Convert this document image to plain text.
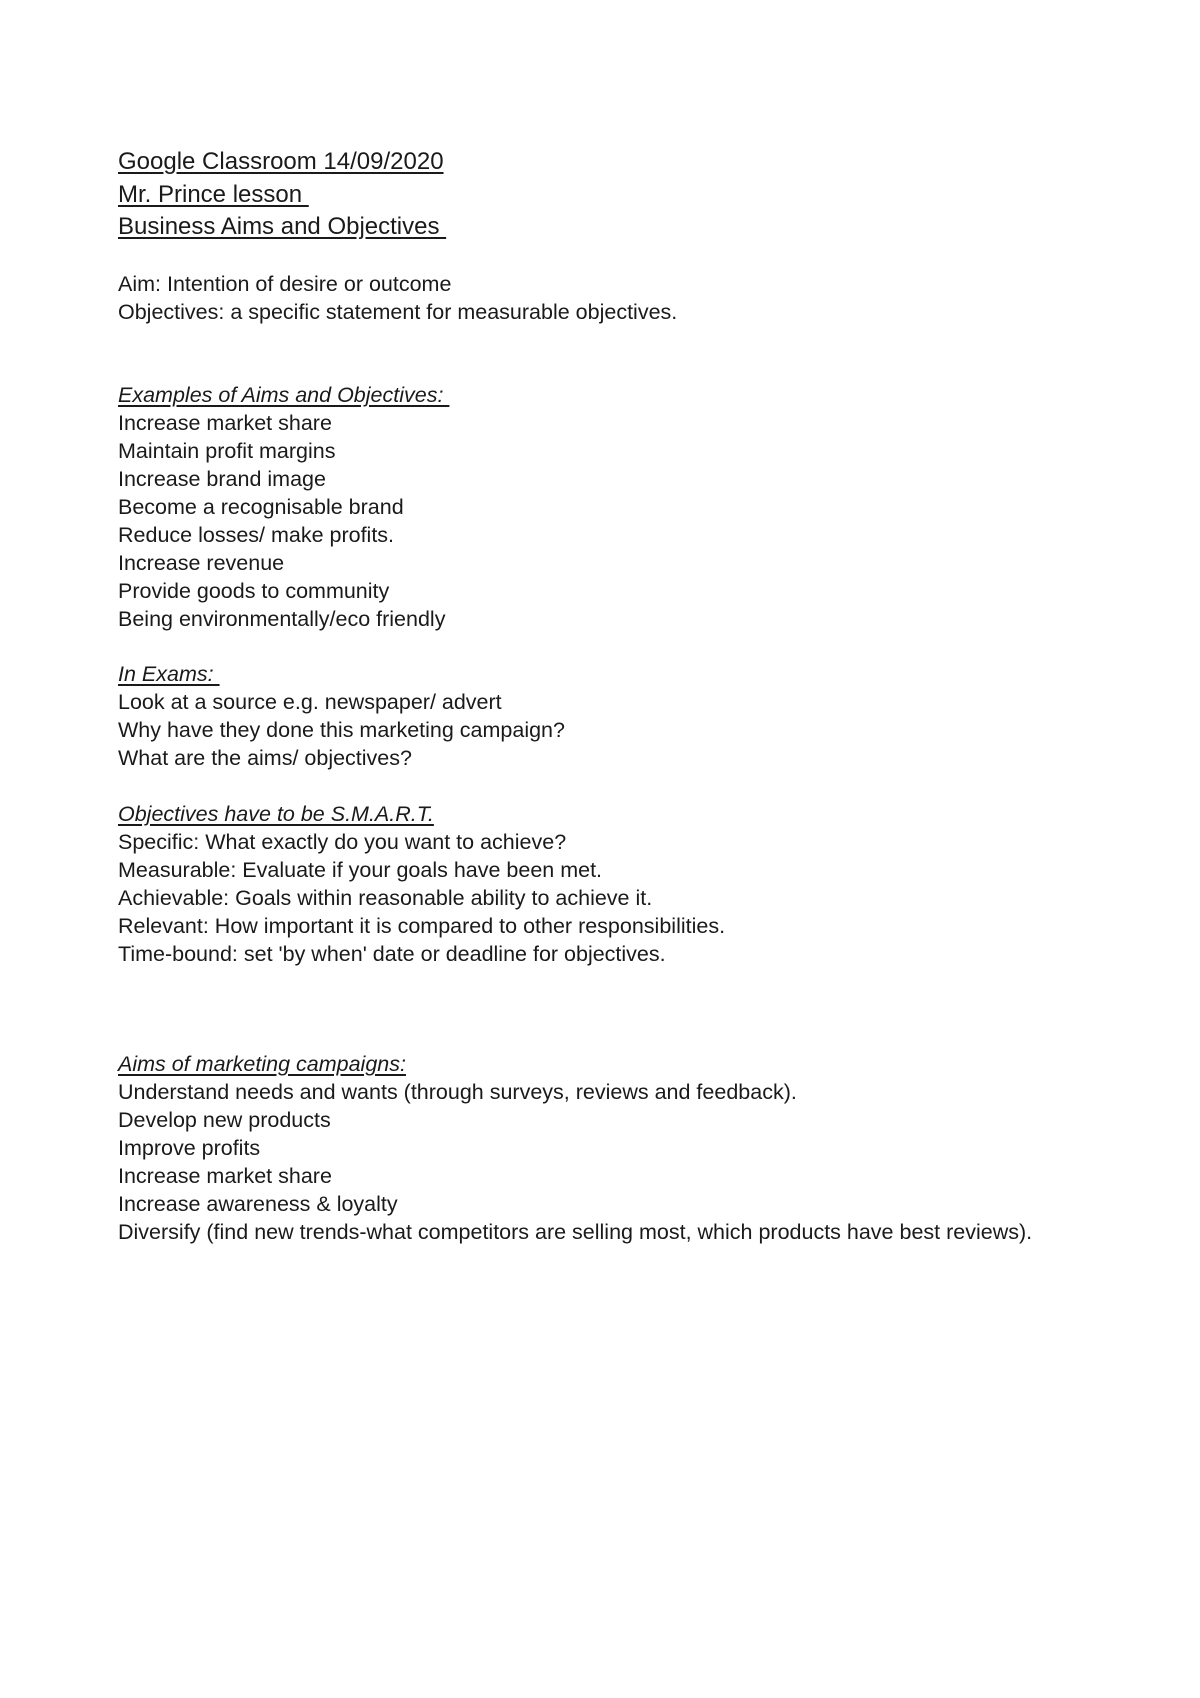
Google Classroom 14/09/2020
Mr. Prince lesson
Business Aims and Objectives
Aim: Intention of desire or outcome
Objectives: a specific statement for measurable objectives.
Examples of Aims and Objectives:
Increase market share
Maintain profit margins
Increase brand image
Become a recognisable brand
Reduce losses/ make profits.
Increase revenue
Provide goods to community
Being environmentally/eco friendly
In Exams:
Look at a source e.g. newspaper/ advert
Why have they done this marketing campaign?
What are the aims/ objectives?
Objectives have to be S.M.A.R.T.
Specific: What exactly do you want to achieve?
Measurable: Evaluate if your goals have been met.
Achievable: Goals within reasonable ability to achieve it.
Relevant: How important it is compared to other responsibilities.
Time-bound: set 'by when' date or deadline for objectives.
Aims of marketing campaigns:
Understand needs and wants (through surveys, reviews and feedback).
Develop new products
Improve profits
Increase market share
Increase awareness & loyalty
Diversify (find new trends-what competitors are selling most, which products have best reviews).
